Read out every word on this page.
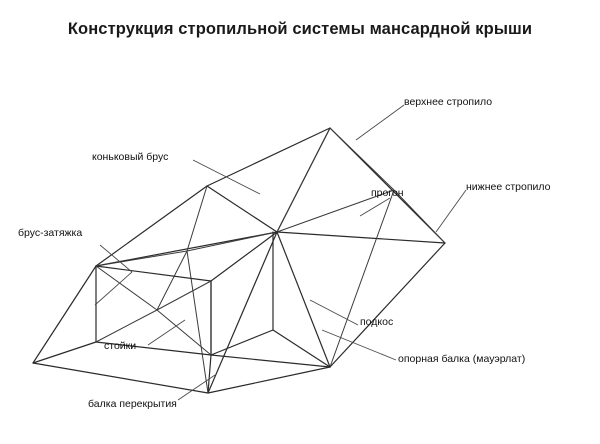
Конструкция стропильной системы мансардной крыши
верхнее стропило
коньковый брус
нижнее стропило
прогон
брус-затяжка
подкос
стойки
опорная балка (мауэрлат)
балка перекрытия
